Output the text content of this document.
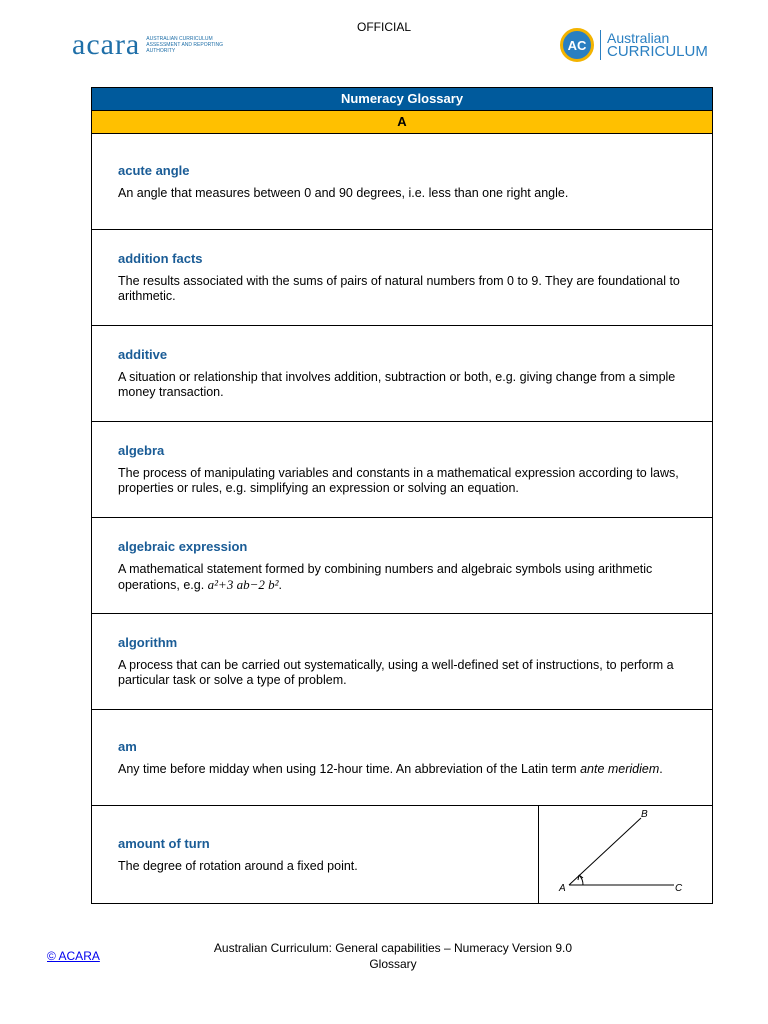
OFFICIAL
acara AUSTRALIAN CURRICULUM ASSESSMENT AND REPORTING AUTHORITY	AC	Australian
CURRICULUM
Numeracy Glossary
A
acute angle
An angle that measures between 0 and 90 degrees, i.e. less than one right angle.
addition facts
The results associated with the sums of pairs of natural numbers from 0 to 9. They are foundational to arithmetic.
additive
A situation or relationship that involves addition, subtraction or both, e.g. giving change from a simple money transaction.
algebra
The process of manipulating variables and constants in a mathematical expression according to laws, properties or rules, e.g. simplifying an expression or solving an equation.
algebraic expression
A mathematical statement formed by combining numbers and algebraic symbols using arithmetic operations, e.g. a²+3 ab−2 b².
algorithm
A process that can be carried out systematically, using a well-defined set of instructions, to perform a particular task or solve a type of problem.
am
Any time before midday when using 12-hour time. An abbreviation of the Latin term ante meridiem.
amount of turn
The degree of rotation around a fixed point.
A
B
C
© ACARA
Australian Curriculum: General capabilities – Numeracy Version 9.0
Glossary
